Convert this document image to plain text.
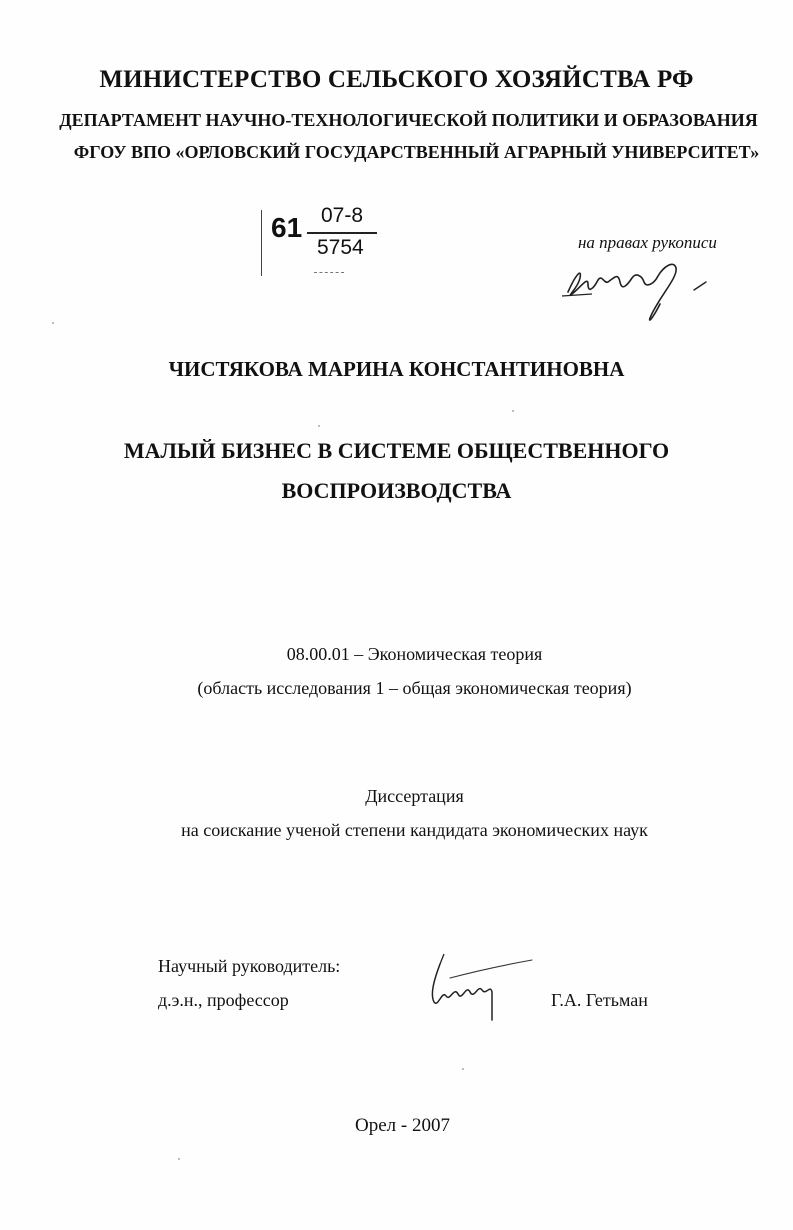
МИНИСТЕРСТВО СЕЛЬСКОГО ХОЗЯЙСТВА РФ
ДЕПАРТАМЕНТ НАУЧНО-ТЕХНОЛОГИЧЕСКОЙ ПОЛИТИКИ И ОБРАЗОВАНИЯ
ФГОУ ВПО «ОРЛОВСКИЙ ГОСУДАРСТВЕННЫЙ АГРАРНЫЙ УНИВЕРСИТЕТ»
61 07-8
5754	на правах рукописи
ЧИСТЯКОВА МАРИНА КОНСТАНТИНОВНА
МАЛЫЙ БИЗНЕС В СИСТЕМЕ ОБЩЕСТВЕННОГО
ВОСПРОИЗВОДСТВА
08.00.01 – Экономическая теория
(область исследования 1 – общая экономическая теория)
Диссертация
на соискание ученой степени кандидата экономических наук
Научный руководитель:
д.э.н., профессор	Г.А. Гетьман
Орел - 2007
